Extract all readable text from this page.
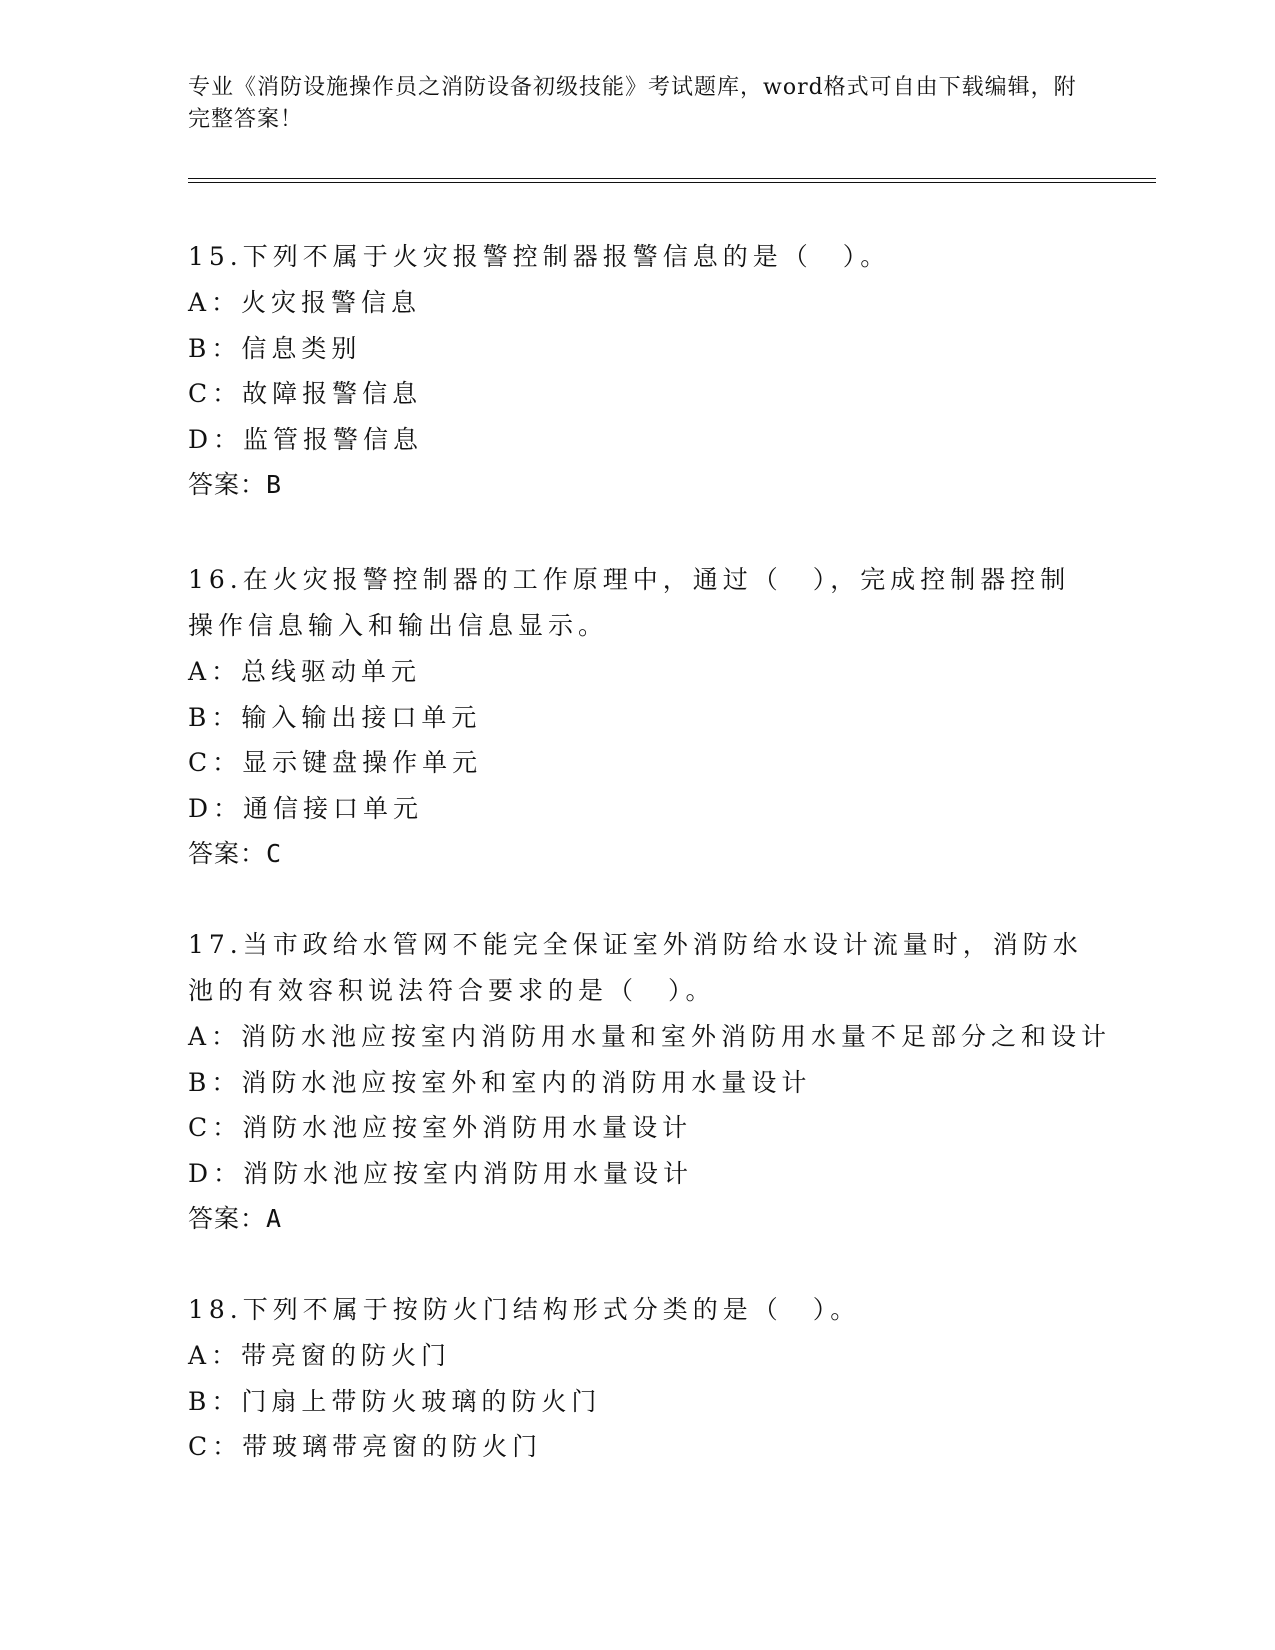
专业《消防设施操作员之消防设备初级技能》考试题库，word格式可自由下载编辑，附完整答案！
15.下列不属于火灾报警控制器报警信息的是（　）。
A：火灾报警信息
B：信息类别
C：故障报警信息
D：监管报警信息
答案：B
16.在火灾报警控制器的工作原理中，通过（　），完成控制器控制操作信息输入和输出信息显示。
A：总线驱动单元
B：输入输出接口单元
C：显示键盘操作单元
D：通信接口单元
答案：C
17.当市政给水管网不能完全保证室外消防给水设计流量时，消防水池的有效容积说法符合要求的是（　）。
A：消防水池应按室内消防用水量和室外消防用水量不足部分之和设计
B：消防水池应按室外和室内的消防用水量设计
C：消防水池应按室外消防用水量设计
D：消防水池应按室内消防用水量设计
答案：A
18.下列不属于按防火门结构形式分类的是（　）。
A：带亮窗的防火门
B：门扇上带防火玻璃的防火门
C：带玻璃带亮窗的防火门
